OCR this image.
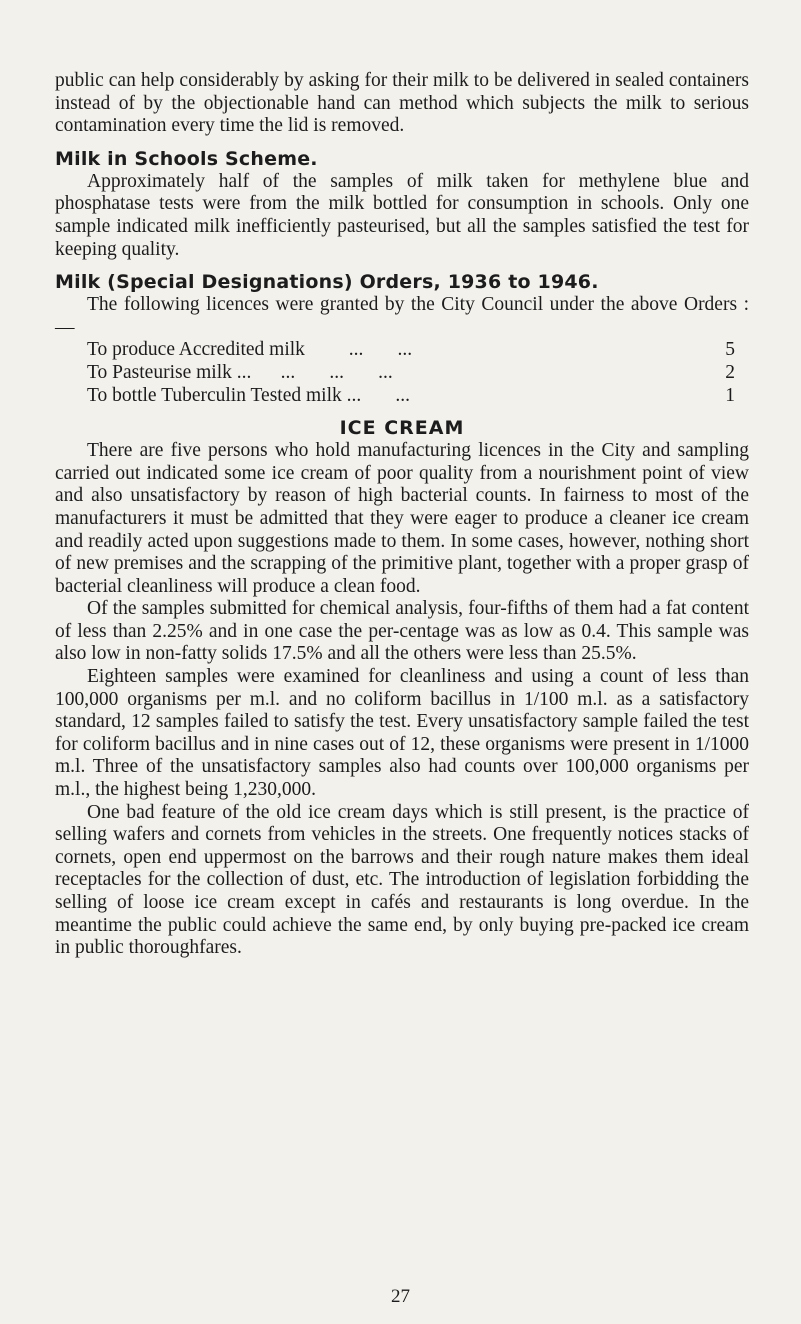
public can help considerably by asking for their milk to be delivered in sealed containers instead of by the objectionable hand can method which subjects the milk to serious contamination every time the lid is removed.

Milk in Schools Scheme.

Approximately half of the samples of milk taken for methylene blue and phosphatase tests were from the milk bottled for consumption in schools. Only one sample indicated milk inefficiently pasteurised, but all the samples satisfied the test for keeping quality.

Milk (Special Designations) Orders, 1936 to 1946.

The following licences were granted by the City Council under the above Orders : —

To produce Accredited milk         ...       ...	5
To Pasteurise milk ...      ...       ...       ...	2
To bottle Tuberculin Tested milk ...       ...	1
ICE CREAM

There are five persons who hold manufacturing licences in the City and sampling carried out indicated some ice cream of poor quality from a nourishment point of view and also unsatisfactory by reason of high bacterial counts. In fairness to most of the manufacturers it must be admitted that they were eager to produce a cleaner ice cream and readily acted upon suggestions made to them. In some cases, however, nothing short of new premises and the scrapping of the primitive plant, together with a proper grasp of bacterial cleanliness will produce a clean food.

Of the samples submitted for chemical analysis, four-fifths of them had a fat content of less than 2.25% and in one case the per-centage was as low as 0.4. This sample was also low in non-fatty solids 17.5% and all the others were less than 25.5%.

Eighteen samples were examined for cleanliness and using a count of less than 100,000 organisms per m.l. and no coliform bacillus in 1/100 m.l. as a satisfactory standard, 12 samples failed to satisfy the test. Every unsatisfactory sample failed the test for coliform bacillus and in nine cases out of 12, these organisms were present in 1/1000 m.l. Three of the unsatisfactory samples also had counts over 100,000 organisms per m.l., the highest being 1,230,000.

One bad feature of the old ice cream days which is still present, is the practice of selling wafers and cornets from vehicles in the streets. One frequently notices stacks of cornets, open end uppermost on the barrows and their rough nature makes them ideal receptacles for the collection of dust, etc. The introduction of legislation forbidding the selling of loose ice cream except in cafés and restaurants is long overdue. In the meantime the public could achieve the same end, by only buying pre-packed ice cream in public thoroughfares.

27
